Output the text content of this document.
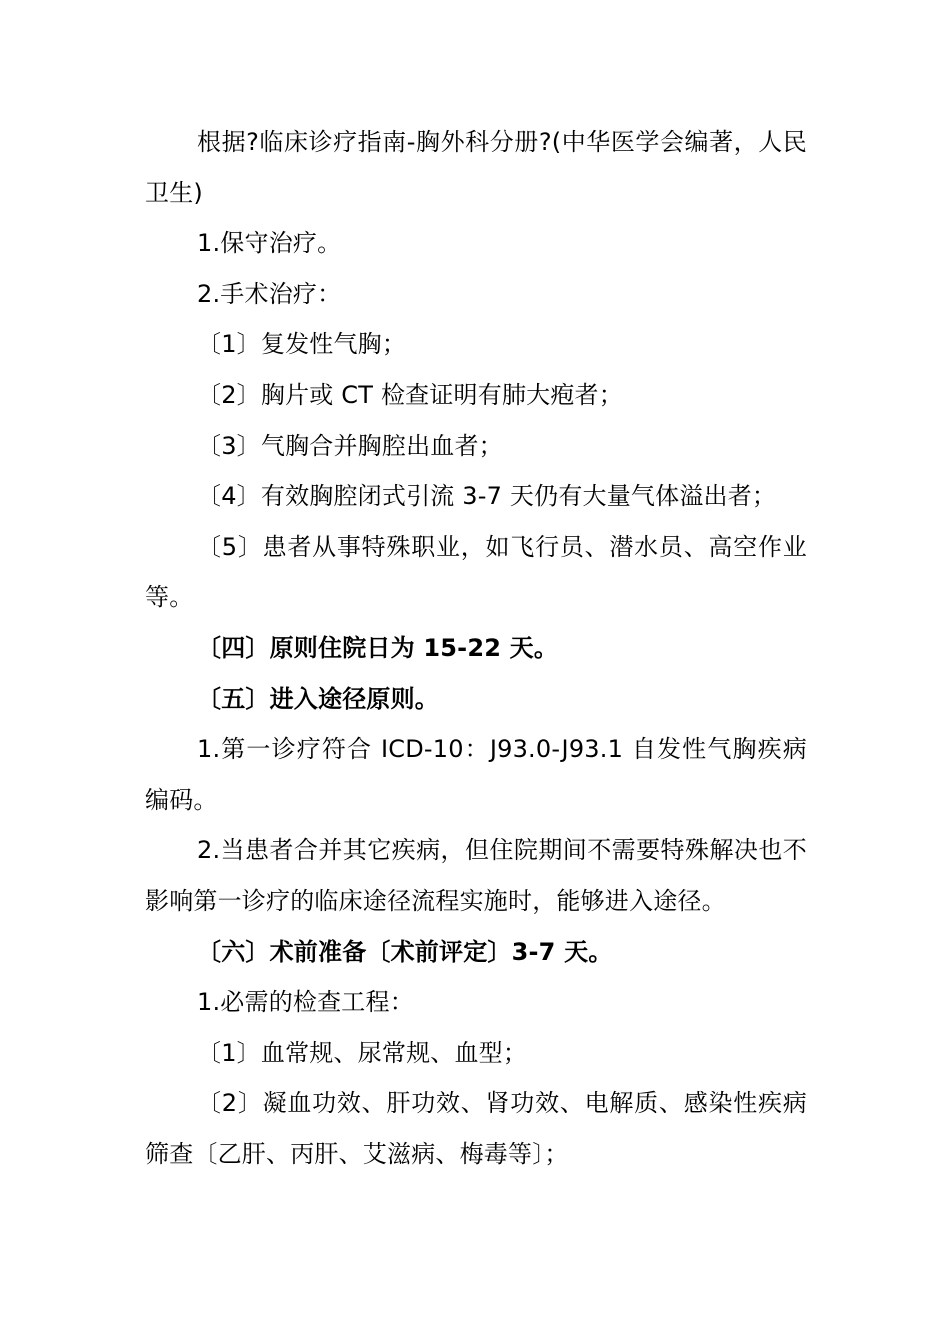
根据?临床诊疗指南-胸外科分册?(中华医学会编著，人民卫生)

1.保守治疗。

2.手术治疗：

〔1〕复发性气胸；

〔2〕胸片或 CT 检查证明有肺大疱者；

〔3〕气胸合并胸腔出血者；

〔4〕有效胸腔闭式引流 3-7 天仍有大量气体溢出者；

〔5〕患者从事特殊职业，如飞行员、潜水员、高空作业等。

〔四〕原则住院日为 15-22 天。

〔五〕进入途径原则。

1.第一诊疗符合 ICD-10：J93.0-J93.1 自发性气胸疾病编码。

2.当患者合并其它疾病，但住院期间不需要特殊解决也不影响第一诊疗的临床途径流程实施时，能够进入途径。

〔六〕术前准备〔术前评定〕3-7 天。

1.必需的检查工程：

〔1〕血常规、尿常规、血型；

〔2〕凝血功效、肝功效、肾功效、电解质、感染性疾病筛查〔乙肝、丙肝、艾滋病、梅毒等〕；
